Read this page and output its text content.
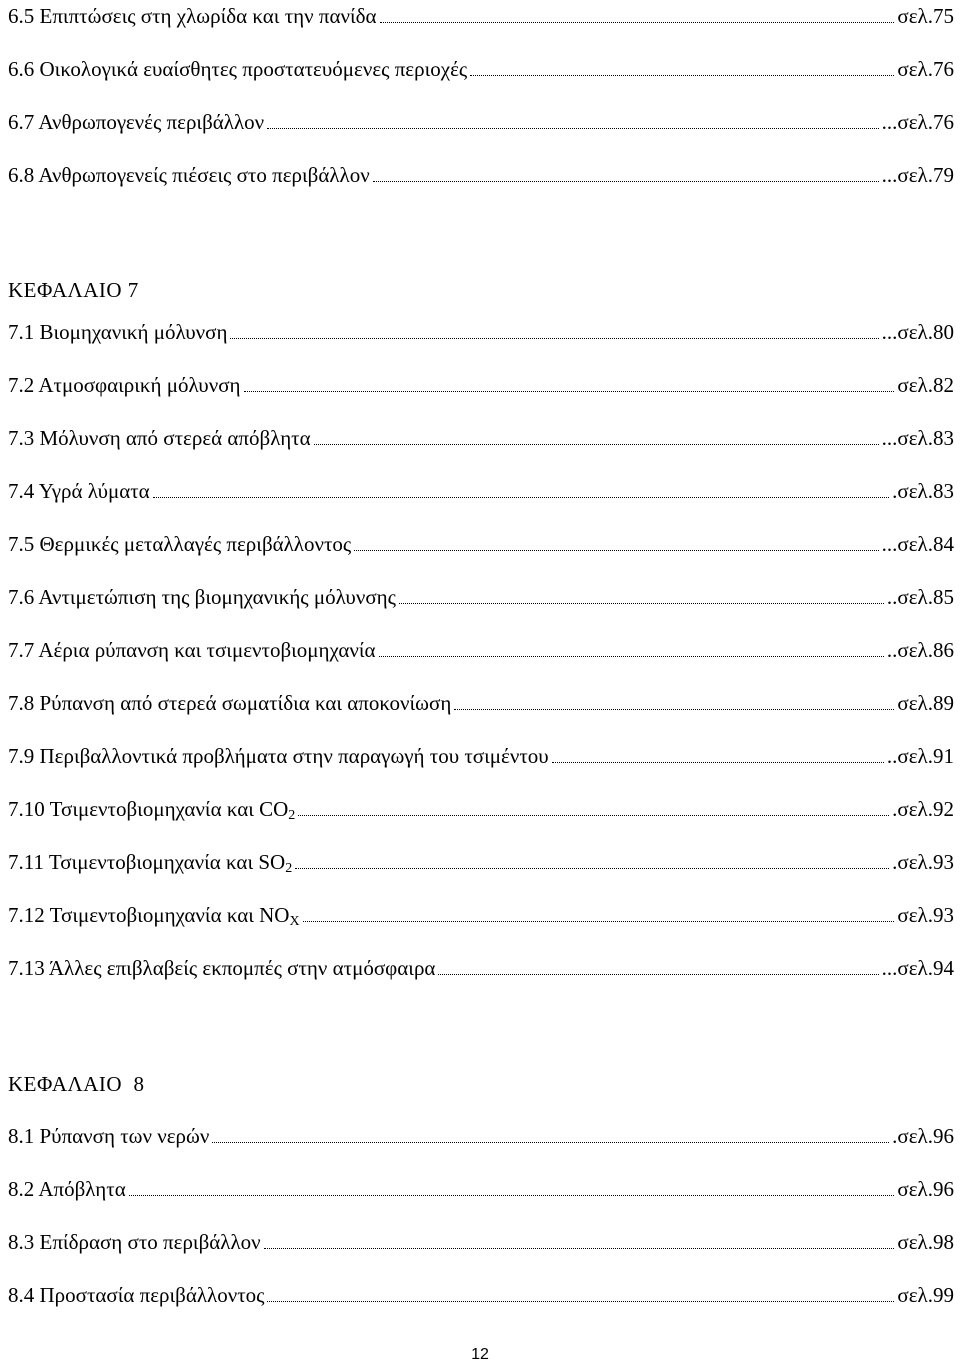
6.5 Επιπτώσεις στη χλωρίδα και την πανίδα	σελ.75
6.6 Οικολογικά ευαίσθητες προστατευόμενες περιοχές	σελ.76
6.7 Ανθρωπογενές περιβάλλον	...σελ.76
6.8 Ανθρωπογενείς πιέσεις στο περιβάλλον	...σελ.79
ΚΕΦΑΛΑΙΟ 7
7.1 Βιομηχανική μόλυνση	...σελ.80
7.2 Ατμοσφαιρική μόλυνση	σελ.82
7.3 Μόλυνση από στερεά απόβλητα	...σελ.83
7.4 Υγρά λύματα	.σελ.83
7.5 Θερμικές μεταλλαγές περιβάλλοντος	...σελ.84
7.6 Αντιμετώπιση της βιομηχανικής μόλυνσης	..σελ.85
7.7 Αέρια ρύπανση και τσιμεντοβιομηχανία	..σελ.86
7.8 Ρύπανση από στερεά σωματίδια και αποκονίωση	σελ.89
7.9 Περιβαλλοντικά προβλήματα στην παραγωγή του τσιμέντου	..σελ.91
7.10 Τσιμεντοβιομηχανία και $CO_2$	.σελ.92
7.11 Τσιμεντοβιομηχανία και $SO_2$	.σελ.93
7.12 Τσιμεντοβιομηχανία και $NO_X$	σελ.93
7.13 Άλλες επιβλαβείς εκπομπές στην ατμόσφαιρα	...σελ.94
ΚΕΦΑΛΑΙΟ  8
8.1 Ρύπανση των νερών	.σελ.96
8.2 Απόβλητα	σελ.96
8.3 Επίδραση στο περιβάλλον	σελ.98
8.4 Προστασία περιβάλλοντος	σελ.99
12
